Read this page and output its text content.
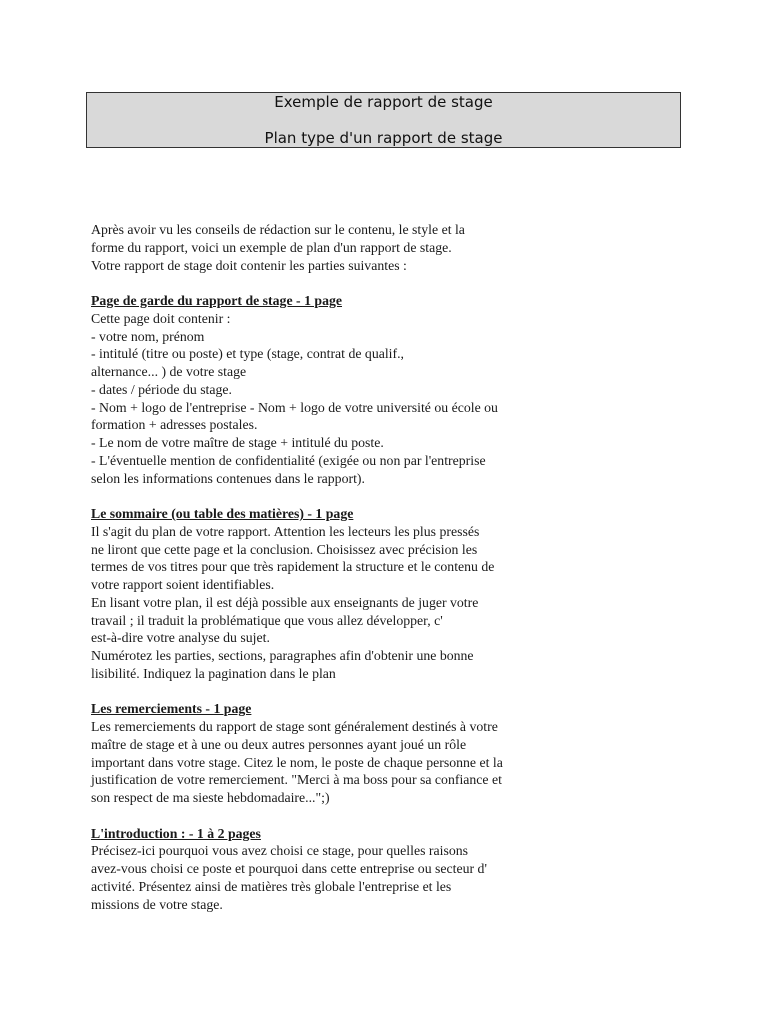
Exemple de rapport de stage
Plan type d'un rapport de stage
Après avoir vu les conseils de rédaction sur le contenu, le style et la
forme du rapport, voici un exemple de plan d'un rapport de stage.
Votre rapport de stage doit contenir les parties suivantes :
Page de garde du rapport de stage - 1 page
Cette page doit contenir :
- votre nom, prénom
- intitulé (titre ou poste) et type (stage, contrat de qualif.,
alternance... ) de votre stage
- dates / période du stage.
- Nom + logo de l'entreprise - Nom + logo de votre université ou école ou
formation + adresses postales.
- Le nom de votre maître de stage + intitulé du poste.
- L'éventuelle mention de confidentialité (exigée ou non par l'entreprise
selon les informations contenues dans le rapport).
Le sommaire (ou table des matières) - 1 page
Il s'agit du plan de votre rapport. Attention les lecteurs les plus pressés
ne liront que cette page et la conclusion. Choisissez avec précision les
termes de vos titres pour que très rapidement la structure et le contenu de
votre rapport soient identifiables.
En lisant votre plan, il est déjà possible aux enseignants de juger votre
travail ; il traduit la problématique que vous allez développer, c'
est-à-dire votre analyse du sujet.
Numérotez les parties, sections, paragraphes afin d'obtenir une bonne
lisibilité. Indiquez la pagination dans le plan
Les remerciements - 1 page
Les remerciements du rapport de stage sont généralement destinés à votre
maître de stage et à une ou deux autres personnes ayant joué un rôle
important dans votre stage. Citez le nom, le poste de chaque personne et la
justification de votre remerciement. "Merci à ma boss pour sa confiance et
son respect de ma sieste hebdomadaire...";)
L'introduction : - 1 à 2 pages
Précisez-ici pourquoi vous avez choisi ce stage, pour quelles raisons
avez-vous choisi ce poste et pourquoi dans cette entreprise ou secteur d'
activité. Présentez ainsi de matières très globale l'entreprise et les
missions de votre stage.
